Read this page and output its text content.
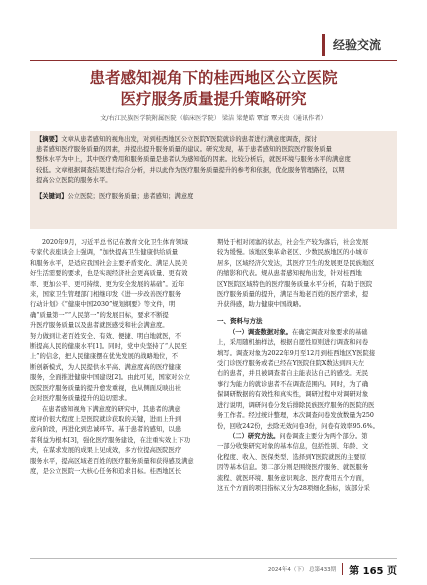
经验交流
患者感知视角下的桂西地区公立医院
医疗服务质量提升策略研究
文/右江民族医学院附属医院（临床医学院） 梁洁 梁楚皓 覃富 覃天贵（通讯作者）
【摘要】文章从患者感知的视角出发，对到桂西地区公立医院Y医院就诊的患者进行满意度调查，探讨
患者感知医疗服务质量的因素，并提出提升服务质量的建议。研究发现，基于患者感知的医院医疗服务质量
整体水平为中上，其中医疗费用和服务质量是患者认为感知低的因素。比较分析后，就医环境与服务水平的满意度
较低。文章根据调查结果进行综合分析，并以此作为医疗服务质量提升的参考和依据，优化服务管理路径，以期
提高公立医院的服务水平。
【关键词】公立医院；医疗服务质量；患者感知；满意度
2020年9月，习近平总书记在教育文化卫生体育领域
专家代表座谈会上强调，“加快提高卫生健康供给质量
和服务水平，是适应我国社会主要矛盾变化、满足人民美
好生活需要的要求，也是实现经济社会更高质量、更有效
率、更加公平、更可持续、更为安全发展的基础”。近年
来，国家卫生管理部门相继印发《进一步改善医疗服务
行动计划》《“健康中国2030”规划纲要》等文件，明
确“质量第一”“人民第一”的发展目标，要求不断提
升医疗服务质量以及患者就医感受和社会满意度。
努力做到让老百姓安全、有效、便捷、明白地就医，不
断提高人民的健康水平[1]。同时，党中央坚持了“人民至
上”的信念，把人民健康摆在优先发展的战略地位，不
断创新模式，为人民提供水平高、满意度高的医疗健康
服务，全面推进健康中国建设[2]。由此可见，国家对公立
医院医疗服务质量的提升愈发重视，也从侧面反映出社
会对医疗服务质量提升的迫切需求。
在患者感知视角下满意度的研究中，其患者的满意
度评价很大程度上是医院就诊获取的关键，进而上升到
意向阶段，再进化到忠诚环节。基于患者的感知，以患
者利益为根本[3]，强化医疗服务建设，在注重实效上下功
夫，在谋求发展的成果上见成效，多方位提高医院医疗
服务水平，提高区域老百姓的医疗服务质量和获得感及满意
度，是公立医院一大核心任务和追求目标。桂西地区长
期处于相对闭塞的状态，社会生产较为落后，社会发展
较为缓慢。该地区集革命老区、少数民族地区的小城市
居多，区域经济欠发达，其医疗卫生的发展更是民族地区
的缩影和代表。规从患者感知视角出发，针对桂西地
区Y医院区域特色的医疗服务质量水平分析，有助于医院
医疗服务质量的提升，满足当地老百姓的医疗需求，提
升获得感，助力健康中国战略。
一、资料与方法
（一）调查数据对象。在确定调查对象要求的基础
上，采用随机抽样法，根据自愿性原则进行调查和问卷
填写。调查对象为2022年9月至12月到桂西地区Y医院接
受门诊医疗服务或者已经在Y医院住院X数达到四天左
右的患者，并且被调查者自主能表达自己的感受。无民
事行为能力的就诊患者不在调查范围内。同时，为了确
保调研数据的有效性和真实性，调研过程中对调研对象
进行说明，调研问卷分发后排除民族医疗服务的医院的医
务工作者。经过统计整理，本次调查问卷发放数量为250
份，回收242份，去除无效问卷3份，问卷有效率95.6%。
（二）研究方法。问卷调查主要分为两个部分。第
一部分收集研究对象的基本信息，包括性别、年龄、文
化程度、收入、医保类型、选择到Y医院就医的主要原
因等基本信息。第二部分则是围绕医疗服务、就医服务
流程、就医环境、服务意识观念、医疗费用五个方面，
这五个方面的项目指标又分为28项细化指标，该部分采
2024年4（下） 总第433期 第 165 页
